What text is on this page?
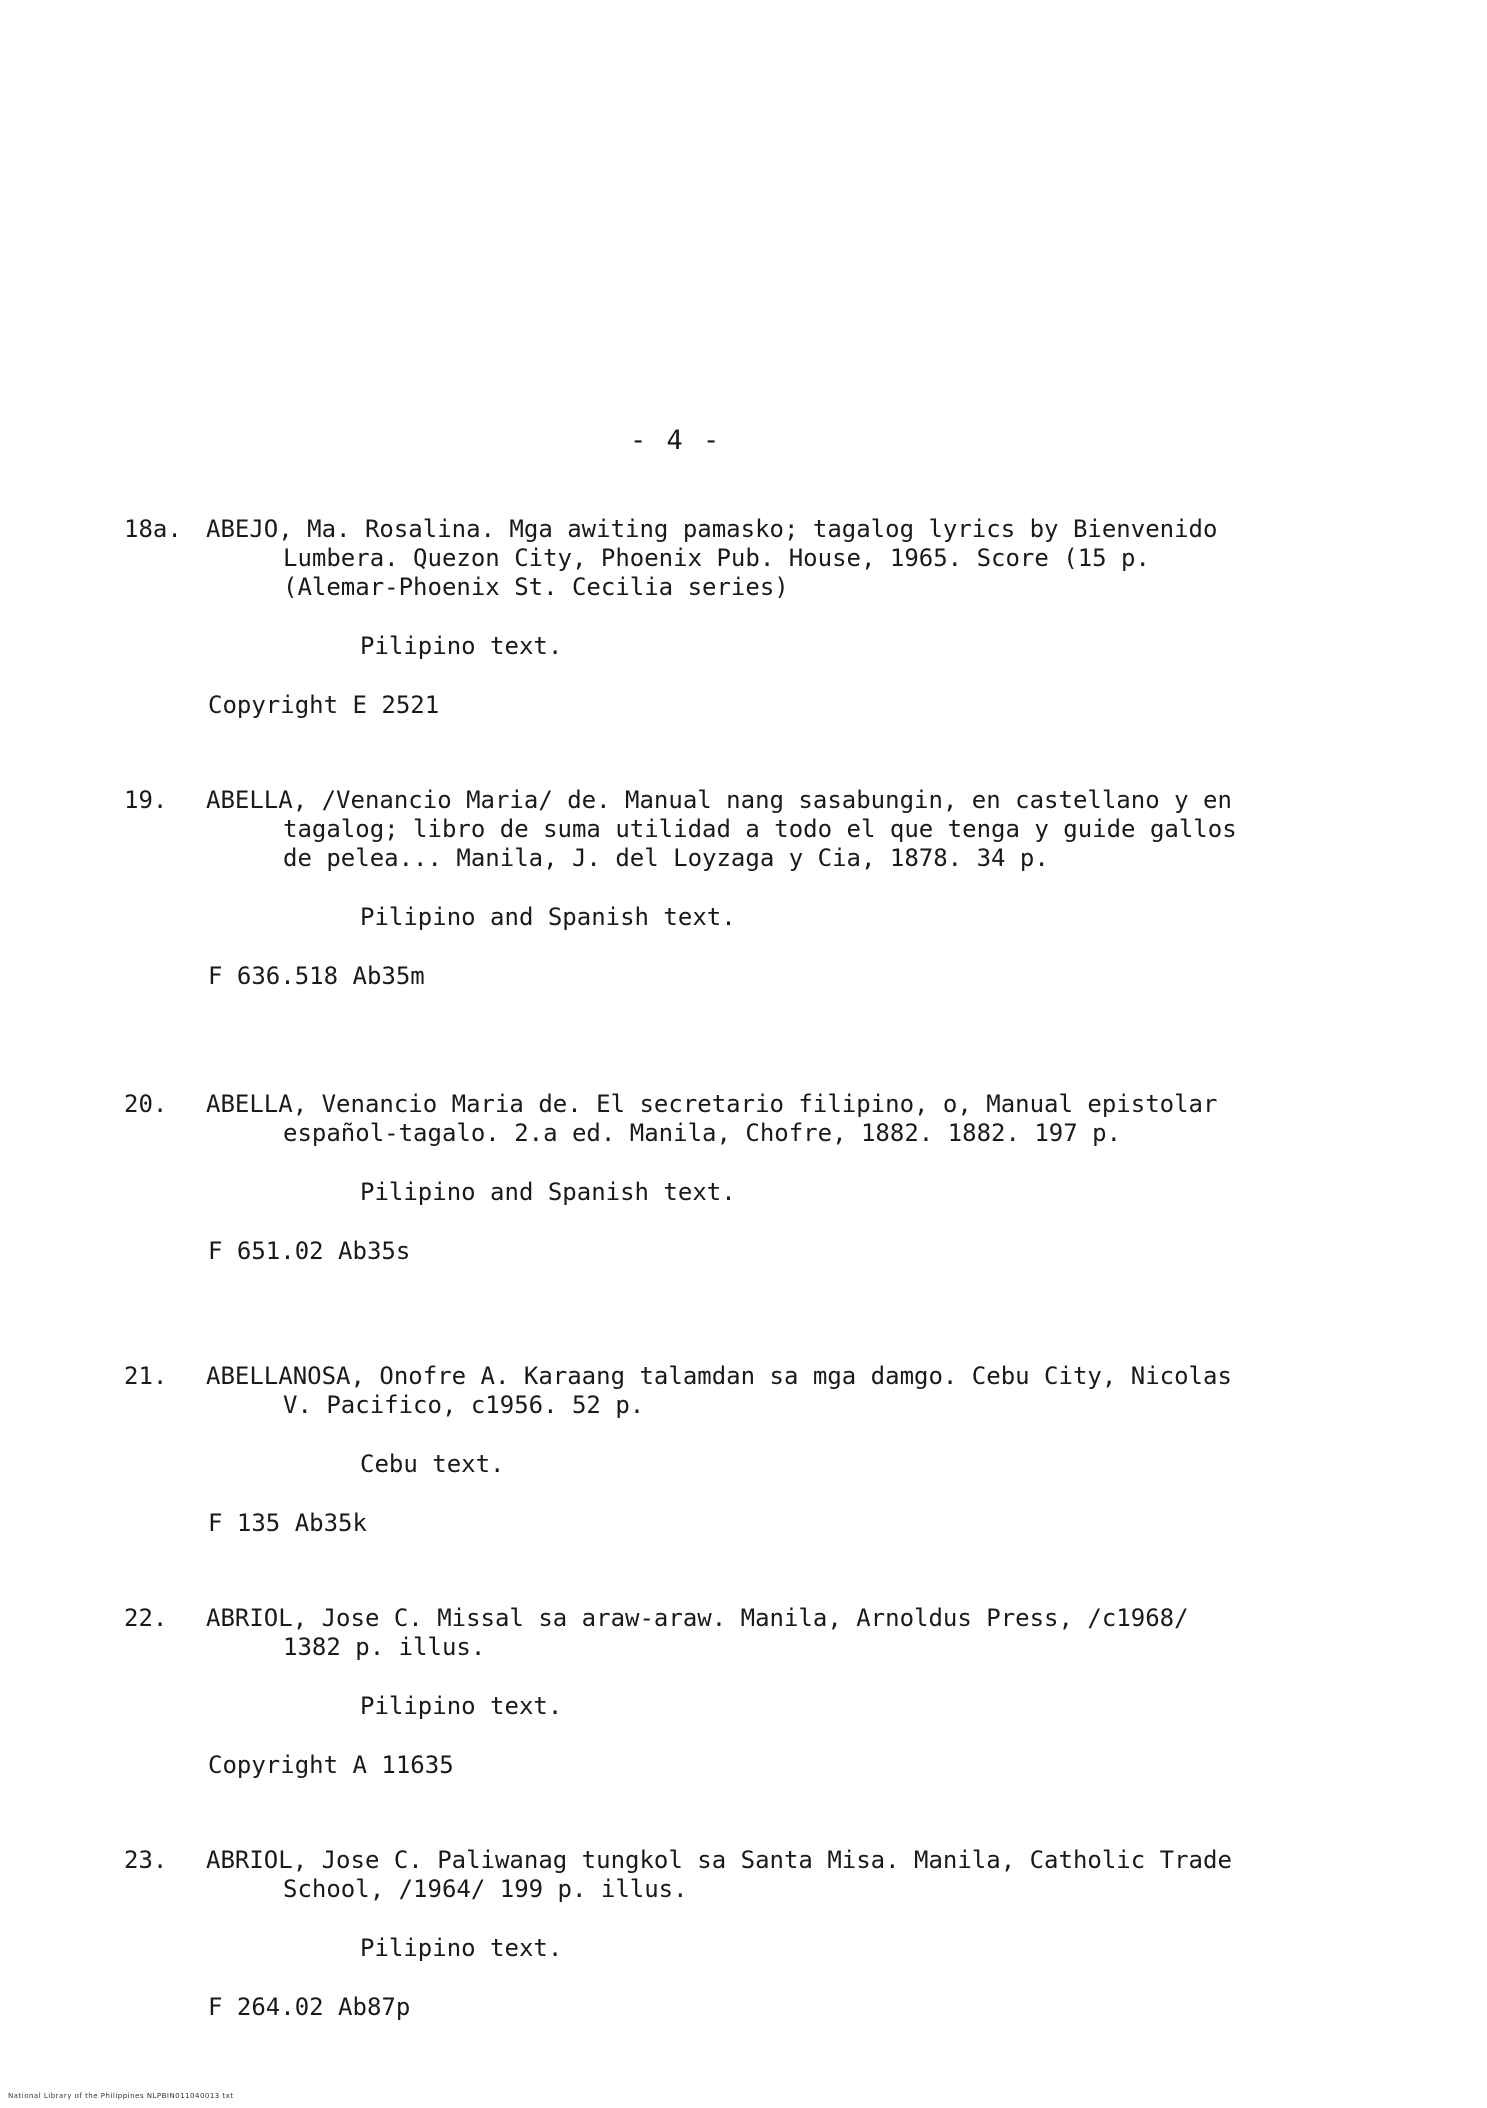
- 4 -
18a.	ABEJO, Ma. Rosalina. Mga awiting pamasko; tagalog lyrics by Bienvenido Lumbera. Quezon City, Phoenix Pub. House, 1965. Score (15 p. (Alemar-Phoenix St. Cecilia series)
Pilipino text.
Copyright E 2521
19.	ABELLA, /Venancio Maria/ de. Manual nang sasabungin, en castellano y en tagalog; libro de suma utilidad a todo el que tenga y guide gallos de pelea... Manila, J. del Loyzaga y Cia, 1878. 34 p.
Pilipino and Spanish text.
F 636.518 Ab35m
20.	ABELLA, Venancio Maria de. El secretario filipino, o, Manual epistolar español-tagalo. 2.a ed. Manila, Chofre, 1882. 1882. 197 p.
Pilipino and Spanish text.
F 651.02 Ab35s
21.	ABELLANOSA, Onofre A. Karaang talamdan sa mga damgo. Cebu City, Nicolas V. Pacifico, c1956. 52 p.
Cebu text.
F 135 Ab35k
22.	ABRIOL, Jose C. Missal sa araw-araw. Manila, Arnoldus Press, /c1968/ 1382 p. illus.
Pilipino text.
Copyright A 11635
23.	ABRIOL, Jose C. Paliwanag tungkol sa Santa Misa. Manila, Catholic Trade School, /1964/ 199 p. illus.
Pilipino text.
F 264.02 Ab87p
National Library of the Philippines NLPBIN011040013 txt
